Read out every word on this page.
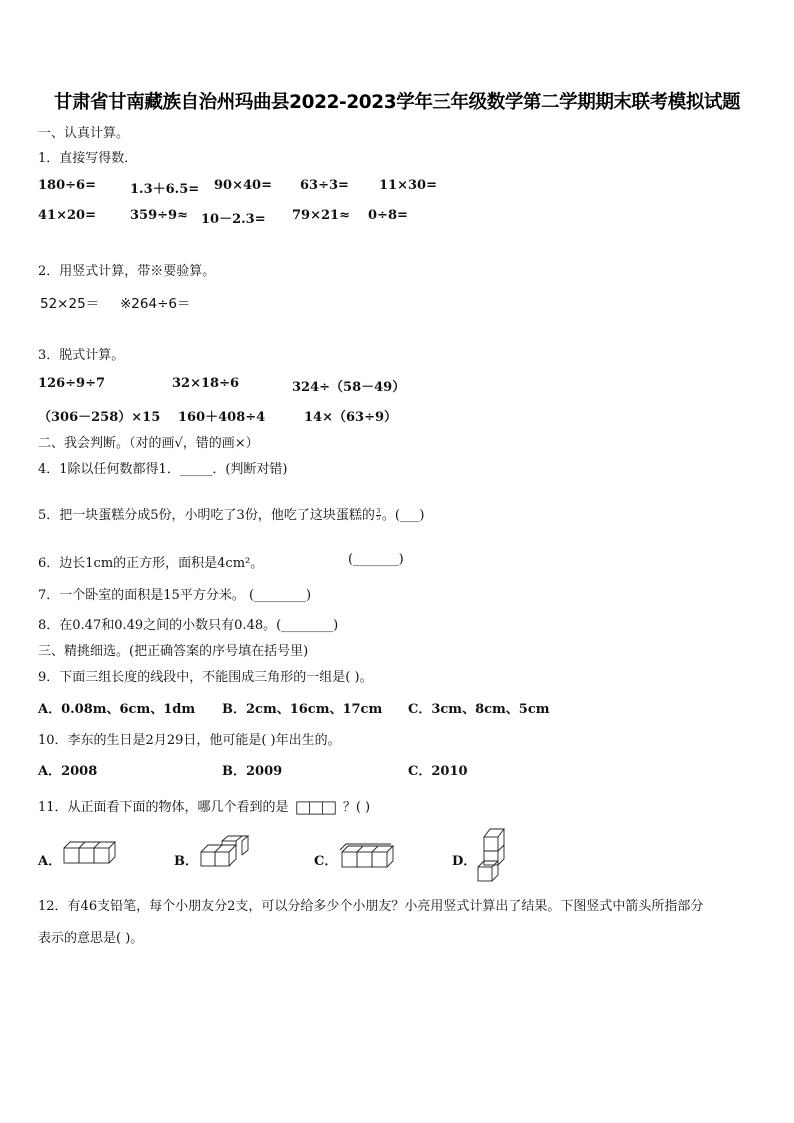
甘肃省甘南藏族自治州玛曲县2022-2023学年三年级数学第二学期期末联考模拟试题
一、认真计算。
1．直接写得数．
180÷6=	1.3＋6.5= 90×40= 63÷3= 11×30=
41×20=	359÷9≈ 10－2.3= 79×21≈ 0÷8=
2．用竖式计算，带※要验算。
52×25＝ ※264÷6＝
3．脱式计算。
126÷9÷7	32×18÷6	324÷（58－49）
（306－258）×15 160＋408÷4	14×（63÷9）
二、我会判断。（对的画√，错的画×）
4．1除以任何数都得1．_____．(判断对错)
5．把一块蛋糕分成5份，小明吃了3份，他吃了这块蛋糕的 $\frac{3}{5}$ 。(___)
6．边长1cm的正方形，面积是4cm²。	(_______)
7．一个卧室的面积是15平方分米。 (________)
8．在0.47和0.49之间的小数只有0.48。(________)
三、精挑细选。(把正确答案的序号填在括号里)
9．下面三组长度的线段中，不能围成三角形的一组是( )。
A．0.08m、6cm、1dm B．2cm、16cm、17cm C．3cm、8cm、5cm
10．李东的生日是2月29日，他可能是( )年出生的。
A．2008	B．2009	C．2010
11．从正面看下面的物体，哪几个看到的是	？( )
A．	B．	C．	D．
12．有46支铅笔，每个小朋友分2支，可以分给多少个小朋友？小亮用竖式计算出了结果。下图竖式中箭头所指部分
表示的意思是( )。
